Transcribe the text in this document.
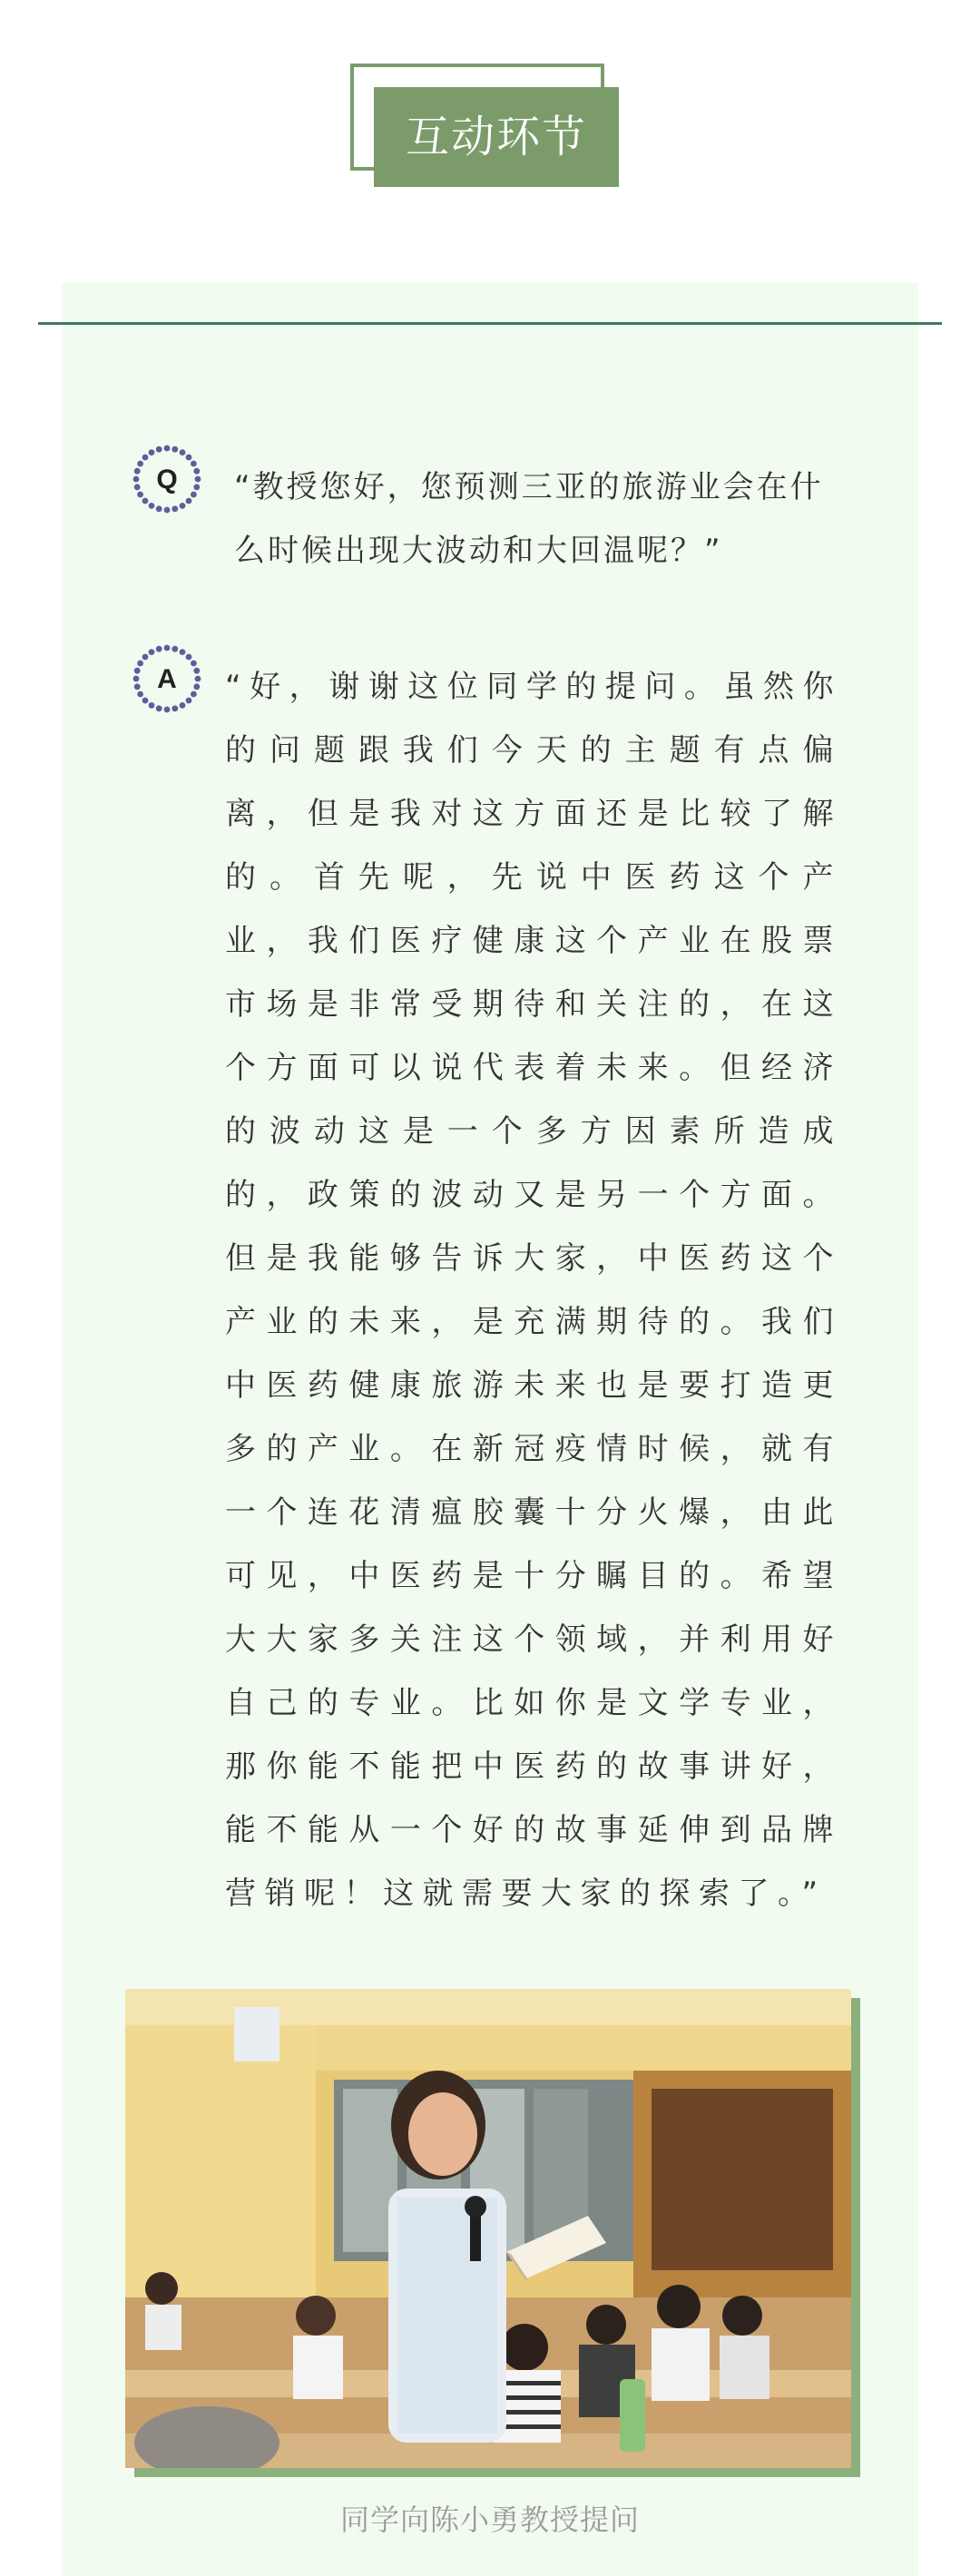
互动环节
Q “教授您好，您预测三亚的旅游业会在什么时候出现大波动和大回温呢？”
A “好，谢谢这位同学的提问。虽然你的问题跟我们今天的主题有点偏离，但是我对这方面还是比较了解的。首先呢，先说中医药这个产业，我们医疗健康这个产业在股票市场是非常受期待和关注的，在这个方面可以说代表着未来。但经济的波动这是一个多方因素所造成的，政策的波动又是另一个方面。但是我能够告诉大家，中医药这个产业的未来，是充满期待的。我们中医药健康旅游未来也是要打造更多的产业。在新冠疫情时候，就有一个连花清瘟胶囊十分火爆，由此可见，中医药是十分瞩目的。希望大大家多关注这个领域，并利用好自己的专业。比如你是文学专业，那你能不能把中医药的故事讲好，能不能从一个好的故事延伸到品牌营销呢！这就需要大家的探索了。”
同学向陈小勇教授提问
